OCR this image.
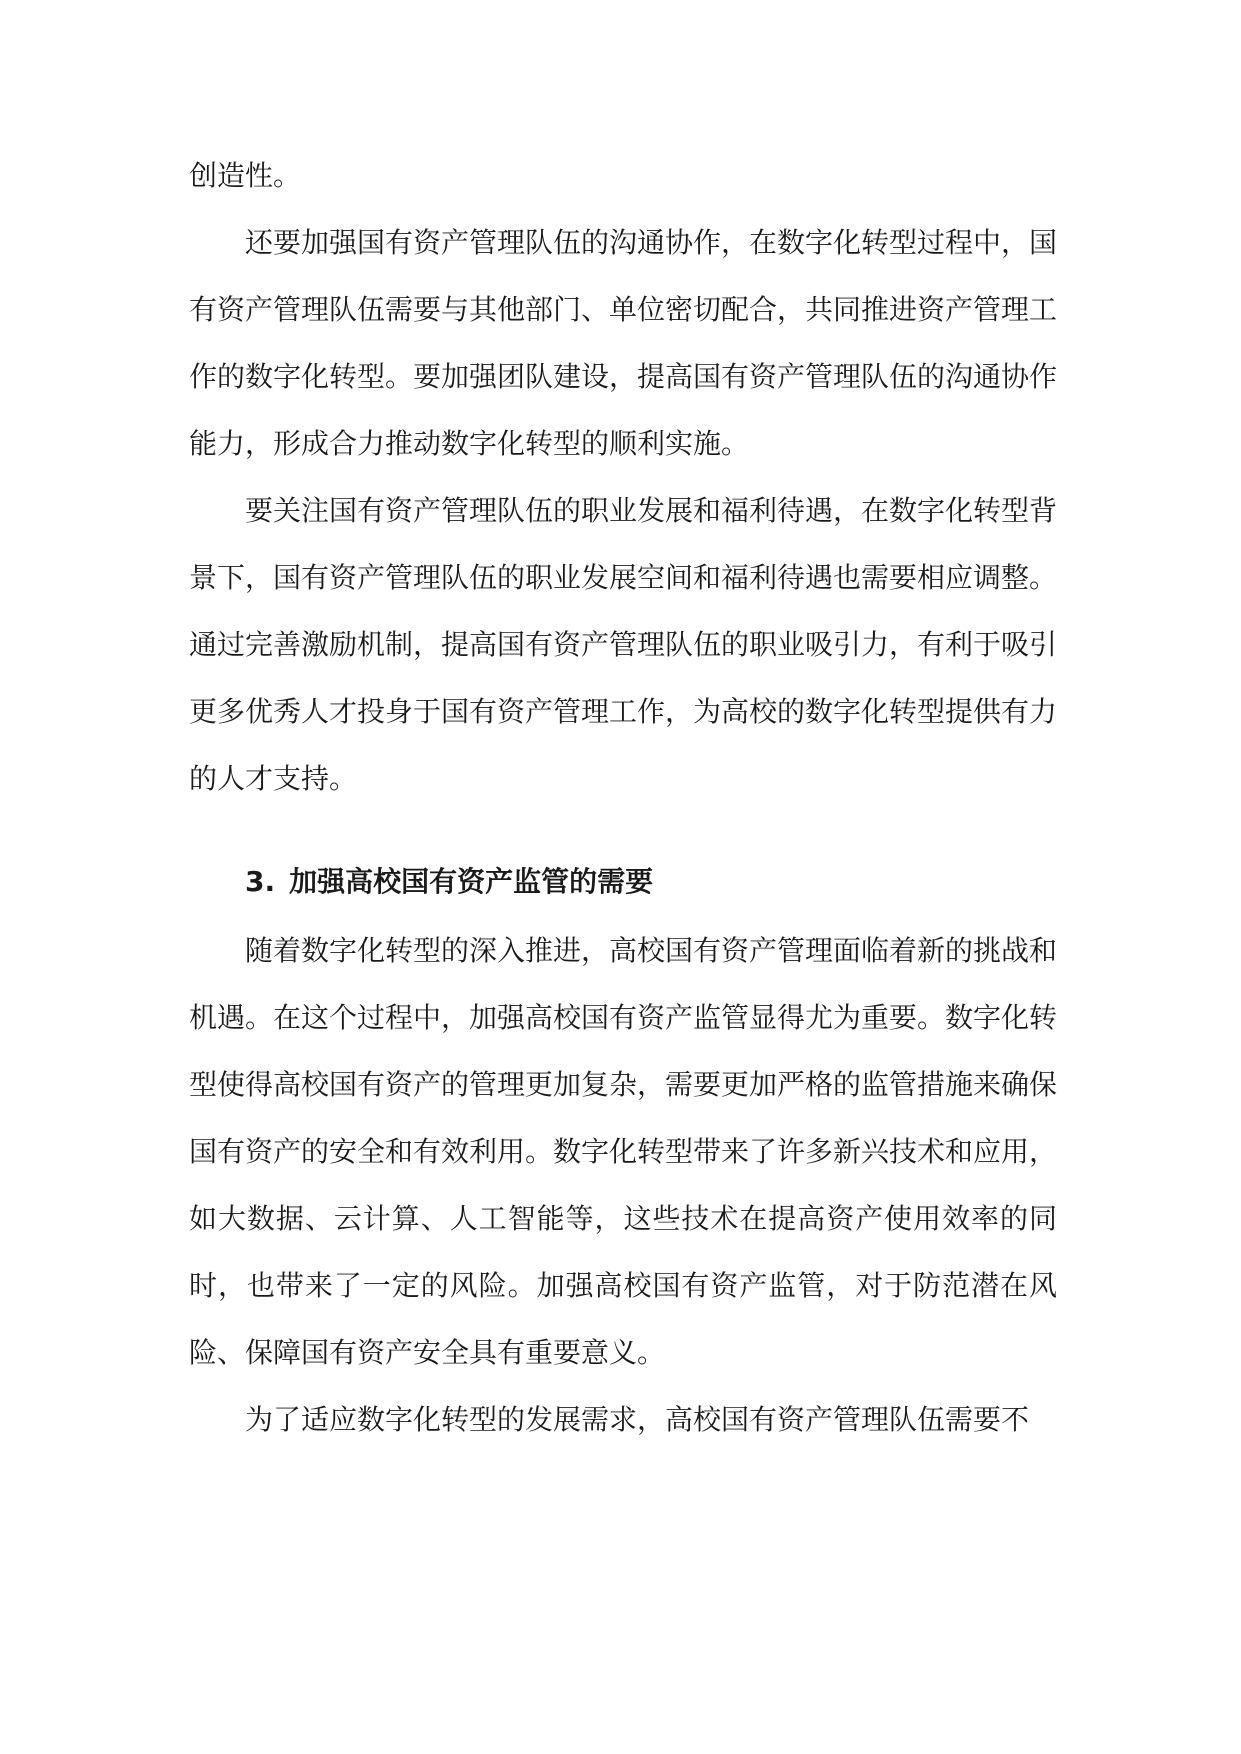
创造性。

还要加强国有资产管理队伍的沟通协作，在数字化转型过程中，国有资产管理队伍需要与其他部门、单位密切配合，共同推进资产管理工作的数字化转型。要加强团队建设，提高国有资产管理队伍的沟通协作能力，形成合力推动数字化转型的顺利实施。

要关注国有资产管理队伍的职业发展和福利待遇，在数字化转型背景下，国有资产管理队伍的职业发展空间和福利待遇也需要相应调整。通过完善激励机制，提高国有资产管理队伍的职业吸引力，有利于吸引更多优秀人才投身于国有资产管理工作，为高校的数字化转型提供有力的人才支持。

3. 加强高校国有资产监管的需要

随着数字化转型的深入推进，高校国有资产管理面临着新的挑战和机遇。在这个过程中，加强高校国有资产监管显得尤为重要。数字化转型使得高校国有资产的管理更加复杂，需要更加严格的监管措施来确保国有资产的安全和有效利用。数字化转型带来了许多新兴技术和应用，如大数据、云计算、人工智能等，这些技术在提高资产使用效率的同时，也带来了一定的风险。加强高校国有资产监管，对于防范潜在风险、保障国有资产安全具有重要意义。

为了适应数字化转型的发展需求，高校国有资产管理队伍需要不
